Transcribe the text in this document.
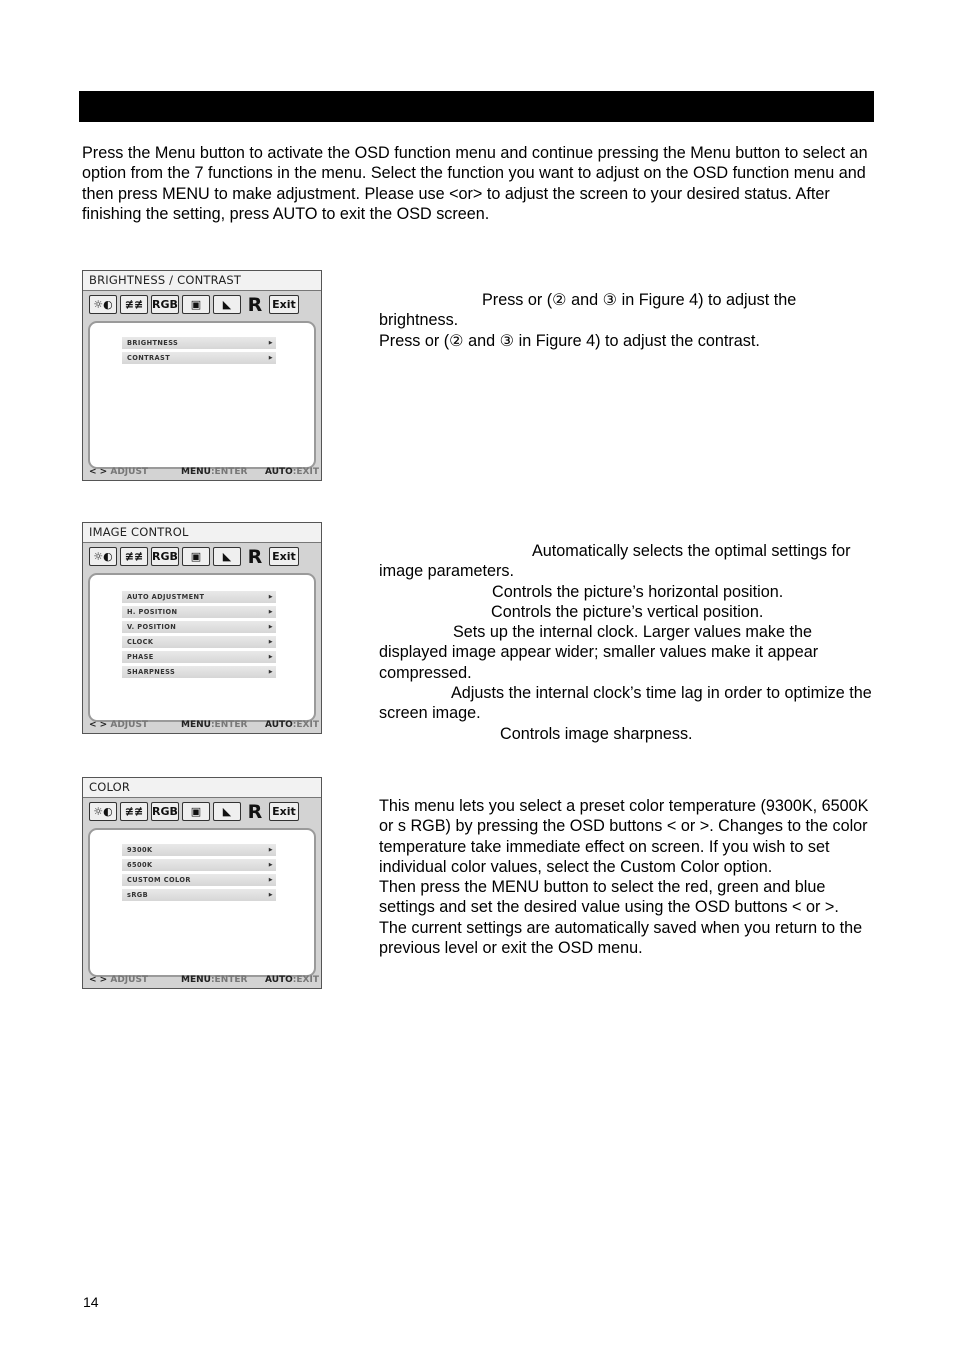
Press the Menu button to activate the OSD function menu and continue pressing the Menu button to select an option from the 7 functions in the menu. Select the function you want to adjust on the OSD function menu and then press MENU to make adjustment. Please use <or> to adjust the screen to your desired status. After finishing the setting, press AUTO to exit the OSD screen.

BRIGHTNESS / CONTRAST
☼◐	≇≇ RGB	▣	◣ R Exit
BRIGHTNESS ▶
CONTRAST ▶
< > ADJUST	MENU:ENTER AUTO:EXIT

Press or (② and ③ in Figure 4) to adjust the brightness.

Press or (② and ③ in Figure 4) to adjust the contrast.

IMAGE CONTROL
☼◐	≇≇ RGB	▣	◣ R Exit
AUTO ADJUSTMENT ▶
H. POSITION ▶
V. POSITION ▶
CLOCK ▶
PHASE ▶
SHARPNESS ▶
< > ADJUST	MENU:ENTER AUTO:EXIT

Automatically selects the optimal settings for image parameters.

Controls the picture’s horizontal position.

Controls the picture’s vertical position.

Sets up the internal clock. Larger values make the displayed image appear wider; smaller values make it appear compressed.

Adjusts the internal clock’s time lag in order to optimize the screen image.

Controls image sharpness.

COLOR
☼◐	≇≇ RGB	▣	◣ R Exit
9300K ▶
6500K ▶
CUSTOM COLOR ▶
sRGB ▶
< > ADJUST	MENU:ENTER AUTO:EXIT

This menu lets you select a preset color temperature (9300K, 6500K or s RGB) by pressing the OSD buttons < or >. Changes to the color temperature take immediate effect on screen. If you wish to set individual color values, select the Custom Color option.

Then press the MENU button to select the red, green and blue settings and set the desired value using the OSD buttons < or >.

The current settings are automatically saved when you return to the previous level or exit the OSD menu.

14
